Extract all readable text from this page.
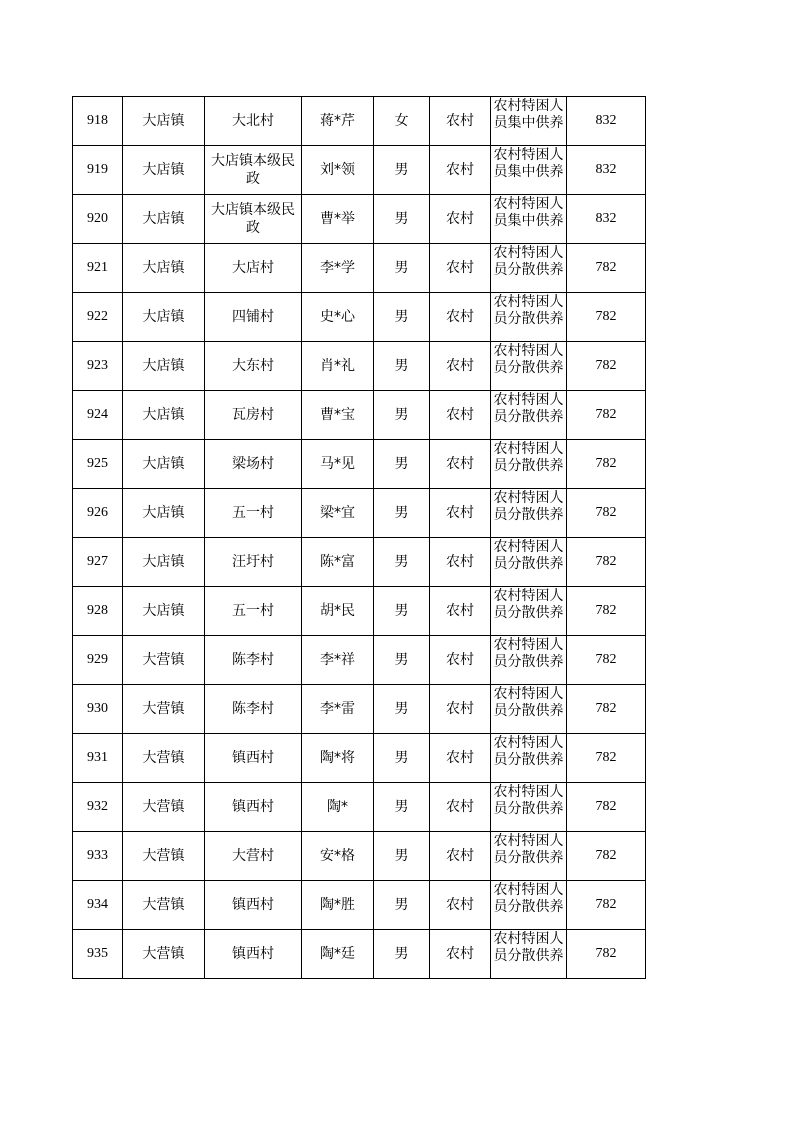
918	大店镇	大北村	蒋*芹	女	农村	农村特困人员集中供养	832
919	大店镇	大店镇本级民政	刘*领	男	农村	农村特困人员集中供养	832
920	大店镇	大店镇本级民政	曹*举	男	农村	农村特困人员集中供养	832
921	大店镇	大店村	李*学	男	农村	农村特困人员分散供养	782
922	大店镇	四铺村	史*心	男	农村	农村特困人员分散供养	782
923	大店镇	大东村	肖*礼	男	农村	农村特困人员分散供养	782
924	大店镇	瓦房村	曹*宝	男	农村	农村特困人员分散供养	782
925	大店镇	梁场村	马*见	男	农村	农村特困人员分散供养	782
926	大店镇	五一村	梁*宜	男	农村	农村特困人员分散供养	782
927	大店镇	汪圩村	陈*富	男	农村	农村特困人员分散供养	782
928	大店镇	五一村	胡*民	男	农村	农村特困人员分散供养	782
929	大营镇	陈李村	李*祥	男	农村	农村特困人员分散供养	782
930	大营镇	陈李村	李*雷	男	农村	农村特困人员分散供养	782
931	大营镇	镇西村	陶*将	男	农村	农村特困人员分散供养	782
932	大营镇	镇西村	陶*	男	农村	农村特困人员分散供养	782
933	大营镇	大营村	安*格	男	农村	农村特困人员分散供养	782
934	大营镇	镇西村	陶*胜	男	农村	农村特困人员分散供养	782
935	大营镇	镇西村	陶*廷	男	农村	农村特困人员分散供养	782
